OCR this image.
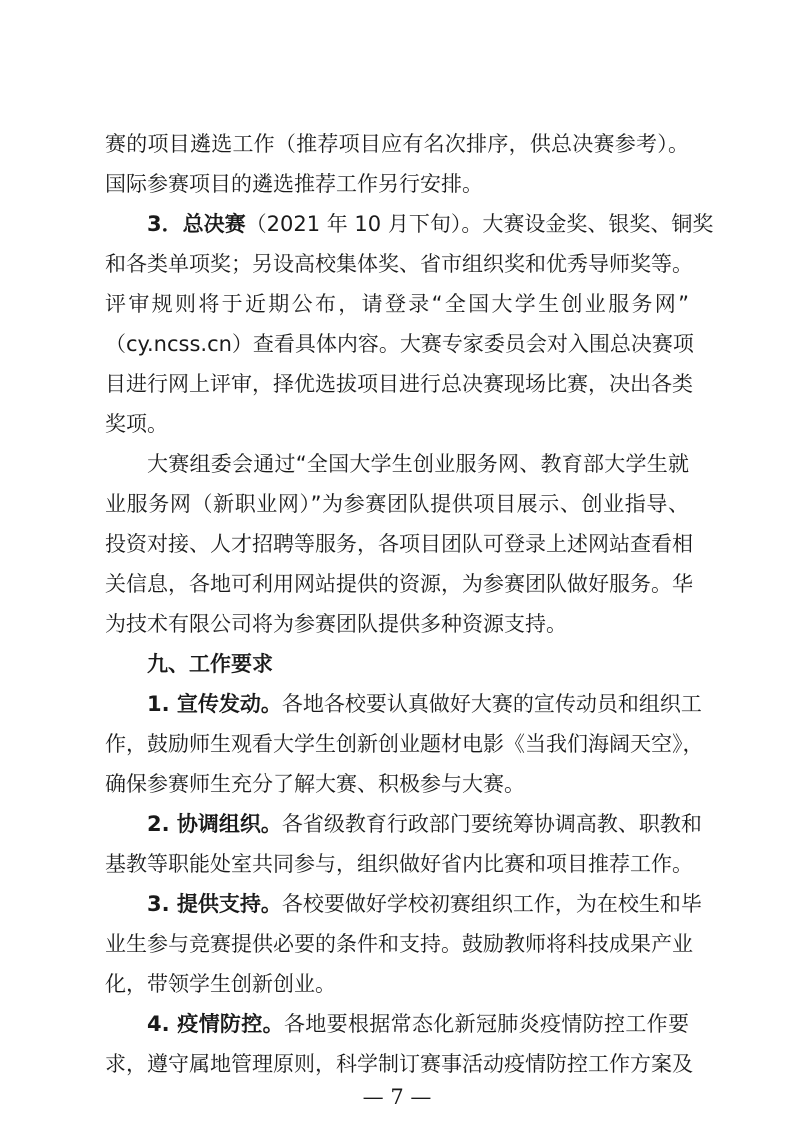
赛的项目遴选工作（推荐项目应有名次排序，供总决赛参考）。
国际参赛项目的遴选推荐工作另行安排。
3．总决赛（2021 年 10 月下旬）。大赛设金奖、银奖、铜奖
和各类单项奖；另设高校集体奖、省市组织奖和优秀导师奖等。
评审规则将于近期公布，请登录“全国大学生创业服务网”
（cy.ncss.cn）查看具体内容。大赛专家委员会对入围总决赛项
目进行网上评审，择优选拔项目进行总决赛现场比赛，决出各类
奖项。
大赛组委会通过“全国大学生创业服务网、教育部大学生就
业服务网（新职业网）”为参赛团队提供项目展示、创业指导、
投资对接、人才招聘等服务，各项目团队可登录上述网站查看相
关信息，各地可利用网站提供的资源，为参赛团队做好服务。华
为技术有限公司将为参赛团队提供多种资源支持。
九、工作要求
1. 宣传发动。各地各校要认真做好大赛的宣传动员和组织工
作，鼓励师生观看大学生创新创业题材电影《当我们海阔天空》，
确保参赛师生充分了解大赛、积极参与大赛。
2. 协调组织。各省级教育行政部门要统筹协调高教、职教和
基教等职能处室共同参与，组织做好省内比赛和项目推荐工作。
3. 提供支持。各校要做好学校初赛组织工作，为在校生和毕
业生参与竞赛提供必要的条件和支持。鼓励教师将科技成果产业
化，带领学生创新创业。
4. 疫情防控。各地要根据常态化新冠肺炎疫情防控工作要
求，遵守属地管理原则，科学制订赛事活动疫情防控工作方案及
— 7 —
